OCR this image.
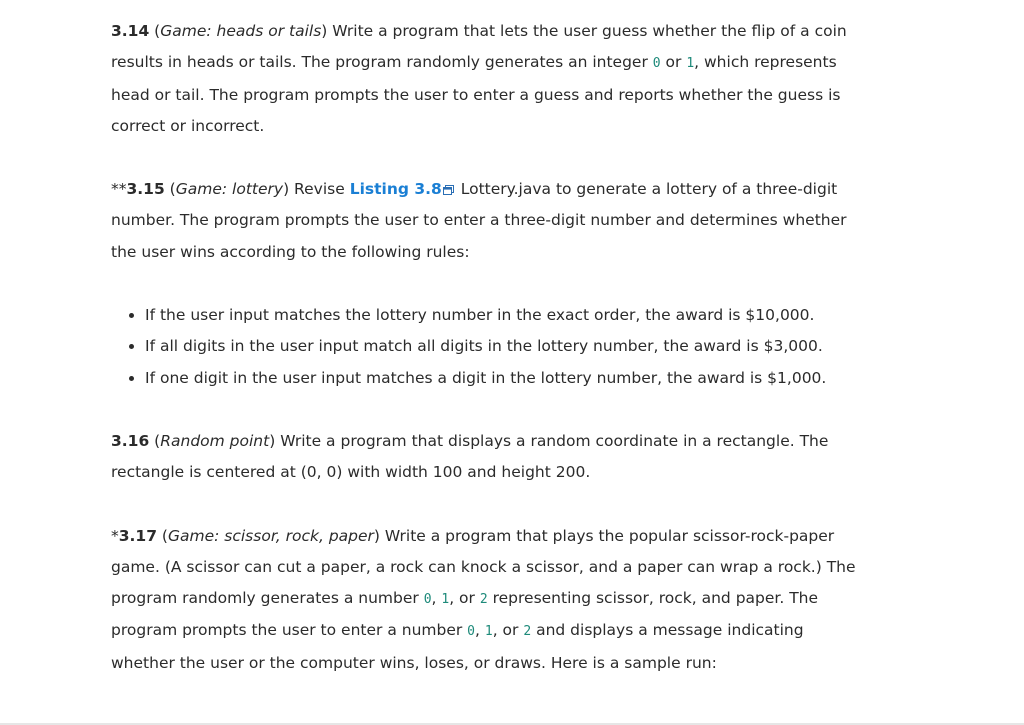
3.14 (Game: heads or tails) Write a program that lets the user guess whether the flip of a coin results in heads or tails. The program randomly generates an integer 0 or 1, which represents head or tail. The program prompts the user to enter a guess and reports whether the guess is correct or incorrect.

**3.15 (Game: lottery) Revise Listing 3.8 Lottery.java to generate a lottery of a three-digit number. The program prompts the user to enter a three-digit number and determines whether the user wins according to the following rules:

• If the user input matches the lottery number in the exact order, the award is $10,000.
• If all digits in the user input match all digits in the lottery number, the award is $3,000.
• If one digit in the user input matches a digit in the lottery number, the award is $1,000.

3.16 (Random point) Write a program that displays a random coordinate in a rectangle. The rectangle is centered at (0, 0) with width 100 and height 200.

*3.17 (Game: scissor, rock, paper) Write a program that plays the popular scissor-rock-paper game. (A scissor can cut a paper, a rock can knock a scissor, and a paper can wrap a rock.) The program randomly generates a number 0, 1, or 2 representing scissor, rock, and paper. The program prompts the user to enter a number 0, 1, or 2 and displays a message indicating whether the user or the computer wins, loses, or draws. Here is a sample run:
